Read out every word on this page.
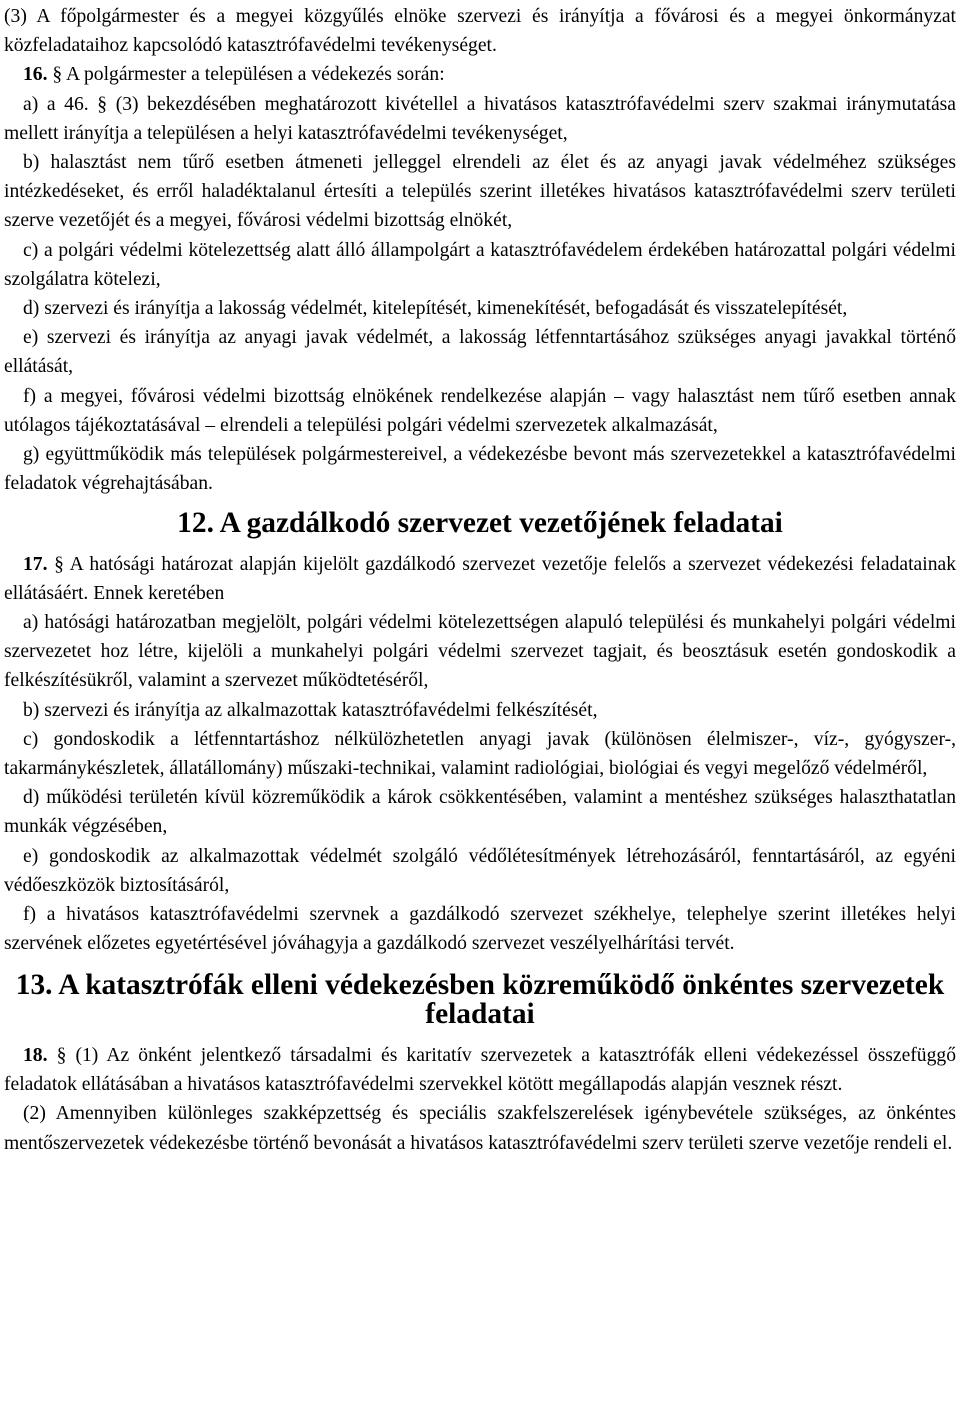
(3) A főpolgármester és a megyei közgyűlés elnöke szervezi és irányítja a fővárosi és a megyei önkormányzat közfeladataihoz kapcsolódó katasztrófavédelmi tevékenységet.

16. § A polgármester a településen a védekezés során:

a) a 46. § (3) bekezdésében meghatározott kivétellel a hivatásos katasztrófavédelmi szerv szakmai iránymutatása mellett irányítja a településen a helyi katasztrófavédelmi tevékenységet,

b) halasztást nem tűrő esetben átmeneti jelleggel elrendeli az élet és az anyagi javak védelméhez szükséges intézkedéseket, és erről haladéktalanul értesíti a település szerint illetékes hivatásos katasztrófavédelmi szerv területi szerve vezetőjét és a megyei, fővárosi védelmi bizottság elnökét,

c) a polgári védelmi kötelezettség alatt álló állampolgárt a katasztrófavédelem érdekében határozattal polgári védelmi szolgálatra kötelezi,

d) szervezi és irányítja a lakosság védelmét, kitelepítését, kimenekítését, befogadását és visszatelepítését,

e) szervezi és irányítja az anyagi javak védelmét, a lakosság létfenntartásához szükséges anyagi javakkal történő ellátását,

f) a megyei, fővárosi védelmi bizottság elnökének rendelkezése alapján – vagy halasztást nem tűrő esetben annak utólagos tájékoztatásával – elrendeli a települési polgári védelmi szervezetek alkalmazását,

g) együttműködik más települések polgármestereivel, a védekezésbe bevont más szervezetekkel a katasztrófavédelmi feladatok végrehajtásában.

12. A gazdálkodó szervezet vezetőjének feladatai

17. § A hatósági határozat alapján kijelölt gazdálkodó szervezet vezetője felelős a szervezet védekezési feladatainak ellátásáért. Ennek keretében

a) hatósági határozatban megjelölt, polgári védelmi kötelezettségen alapuló települési és munkahelyi polgári védelmi szervezetet hoz létre, kijelöli a munkahelyi polgári védelmi szervezet tagjait, és beosztásuk esetén gondoskodik a felkészítésükről, valamint a szervezet működtetéséről,

b) szervezi és irányítja az alkalmazottak katasztrófavédelmi felkészítését,

c) gondoskodik a létfenntartáshoz nélkülözhetetlen anyagi javak (különösen élelmiszer-, víz-, gyógyszer-, takarmánykészletek, állatállomány) műszaki-technikai, valamint radiológiai, biológiai és vegyi megelőző védelméről,

d) működési területén kívül közreműködik a károk csökkentésében, valamint a mentéshez szükséges halaszthatatlan munkák végzésében,

e) gondoskodik az alkalmazottak védelmét szolgáló védőlétesítmények létrehozásáról, fenntartásáról, az egyéni védőeszközök biztosításáról,

f) a hivatásos katasztrófavédelmi szervnek a gazdálkodó szervezet székhelye, telephelye szerint illetékes helyi szervének előzetes egyetértésével jóváhagyja a gazdálkodó szervezet veszélyelhárítási tervét.

13. A katasztrófák elleni védekezésben közreműködő önkéntes szervezetek feladatai

18. § (1) Az önként jelentkező társadalmi és karitatív szervezetek a katasztrófák elleni védekezéssel összefüggő feladatok ellátásában a hivatásos katasztrófavédelmi szervekkel kötött megállapodás alapján vesznek részt.

(2) Amennyiben különleges szakképzettség és speciális szakfelszerelések igénybevétele szükséges, az önkéntes mentőszervezetek védekezésbe történő bevonását a hivatásos katasztrófavédelmi szerv területi szerve vezetője rendeli el.
